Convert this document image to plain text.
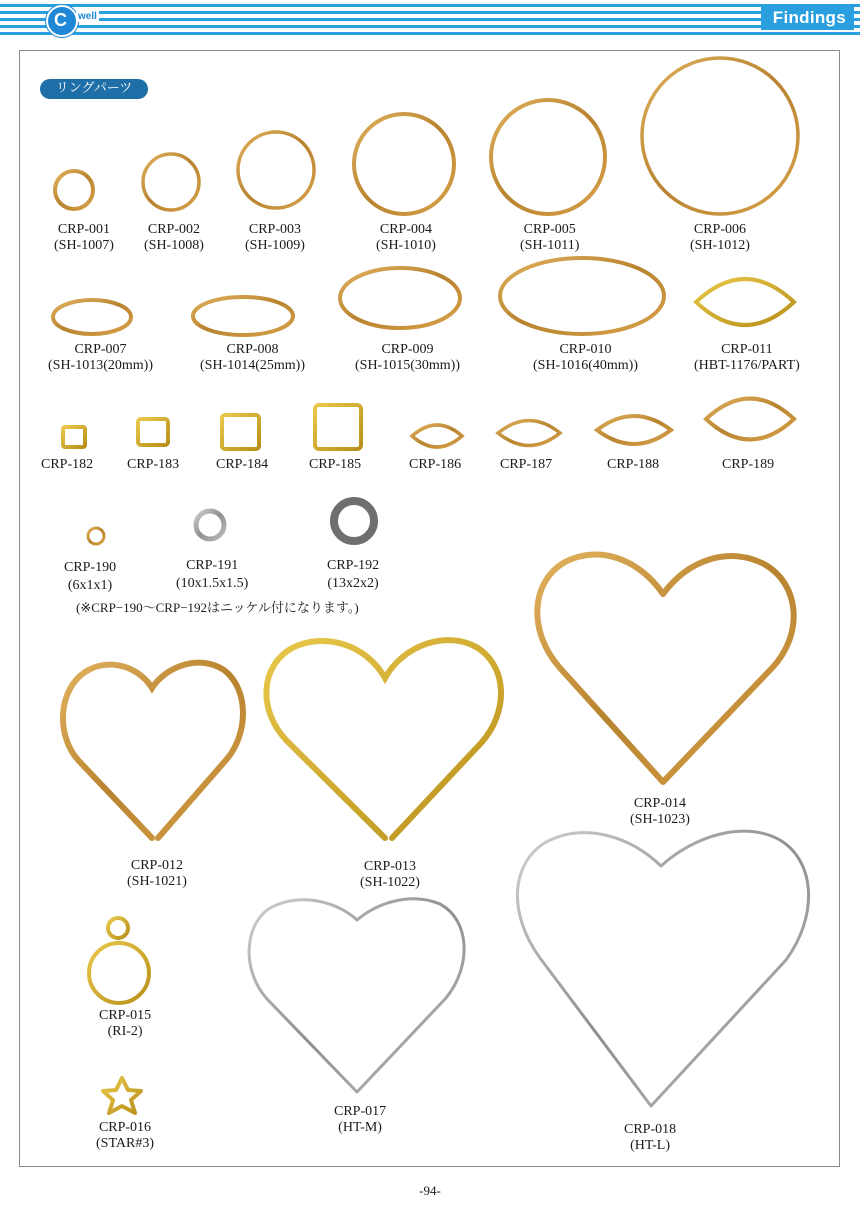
C well	Findings
リングパーツ
CRP-001
(SH-1007)
CRP-002
(SH-1008)
CRP-003
(SH-1009)
CRP-004
(SH-1010)
CRP-005
(SH-1011)
CRP-006
(SH-1012)
CRP-007
(SH-1013(20mm))
CRP-008
(SH-1014(25mm))
CRP-009
(SH-1015(30mm))
CRP-010
(SH-1016(40mm))
CRP-011
(HBT-1176/PART)
CRP-182 CRP-183	CRP-184	CRP-185	CRP-186	CRP-187	CRP-188	CRP-189
CRP-190
(6x1x1)
CRP-191
(10x1.5x1.5)
CRP-192
(13x2x2)
(※CRP−190～CRP−192はニッケル付になります。)
CRP-012
(SH-1021)
CRP-013
(SH-1022)
CRP-014
(SH-1023)
CRP-015
(RI-2)
CRP-016
(STAR#3)
CRP-017
(HT-M)	CRP-018
(HT-L)
-94-
